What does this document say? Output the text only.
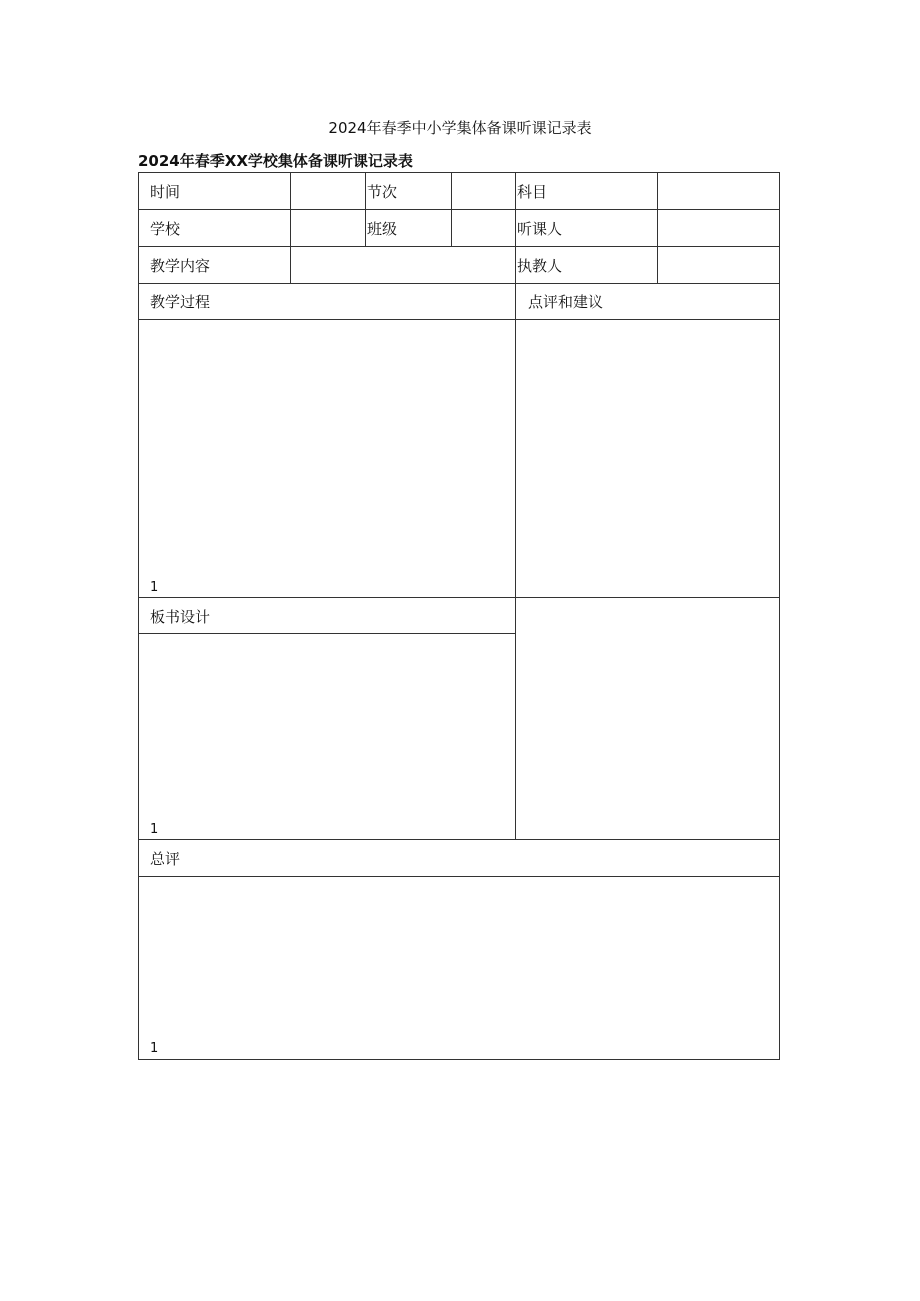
2024年春季中小学集体备课听课记录表
2024年春季XX学校集体备课听课记录表
时间	节次	科目
学校	班级	听课人
教学内容	执教人
教学过程	点评和建议
1
板书设计
1
总评
1
